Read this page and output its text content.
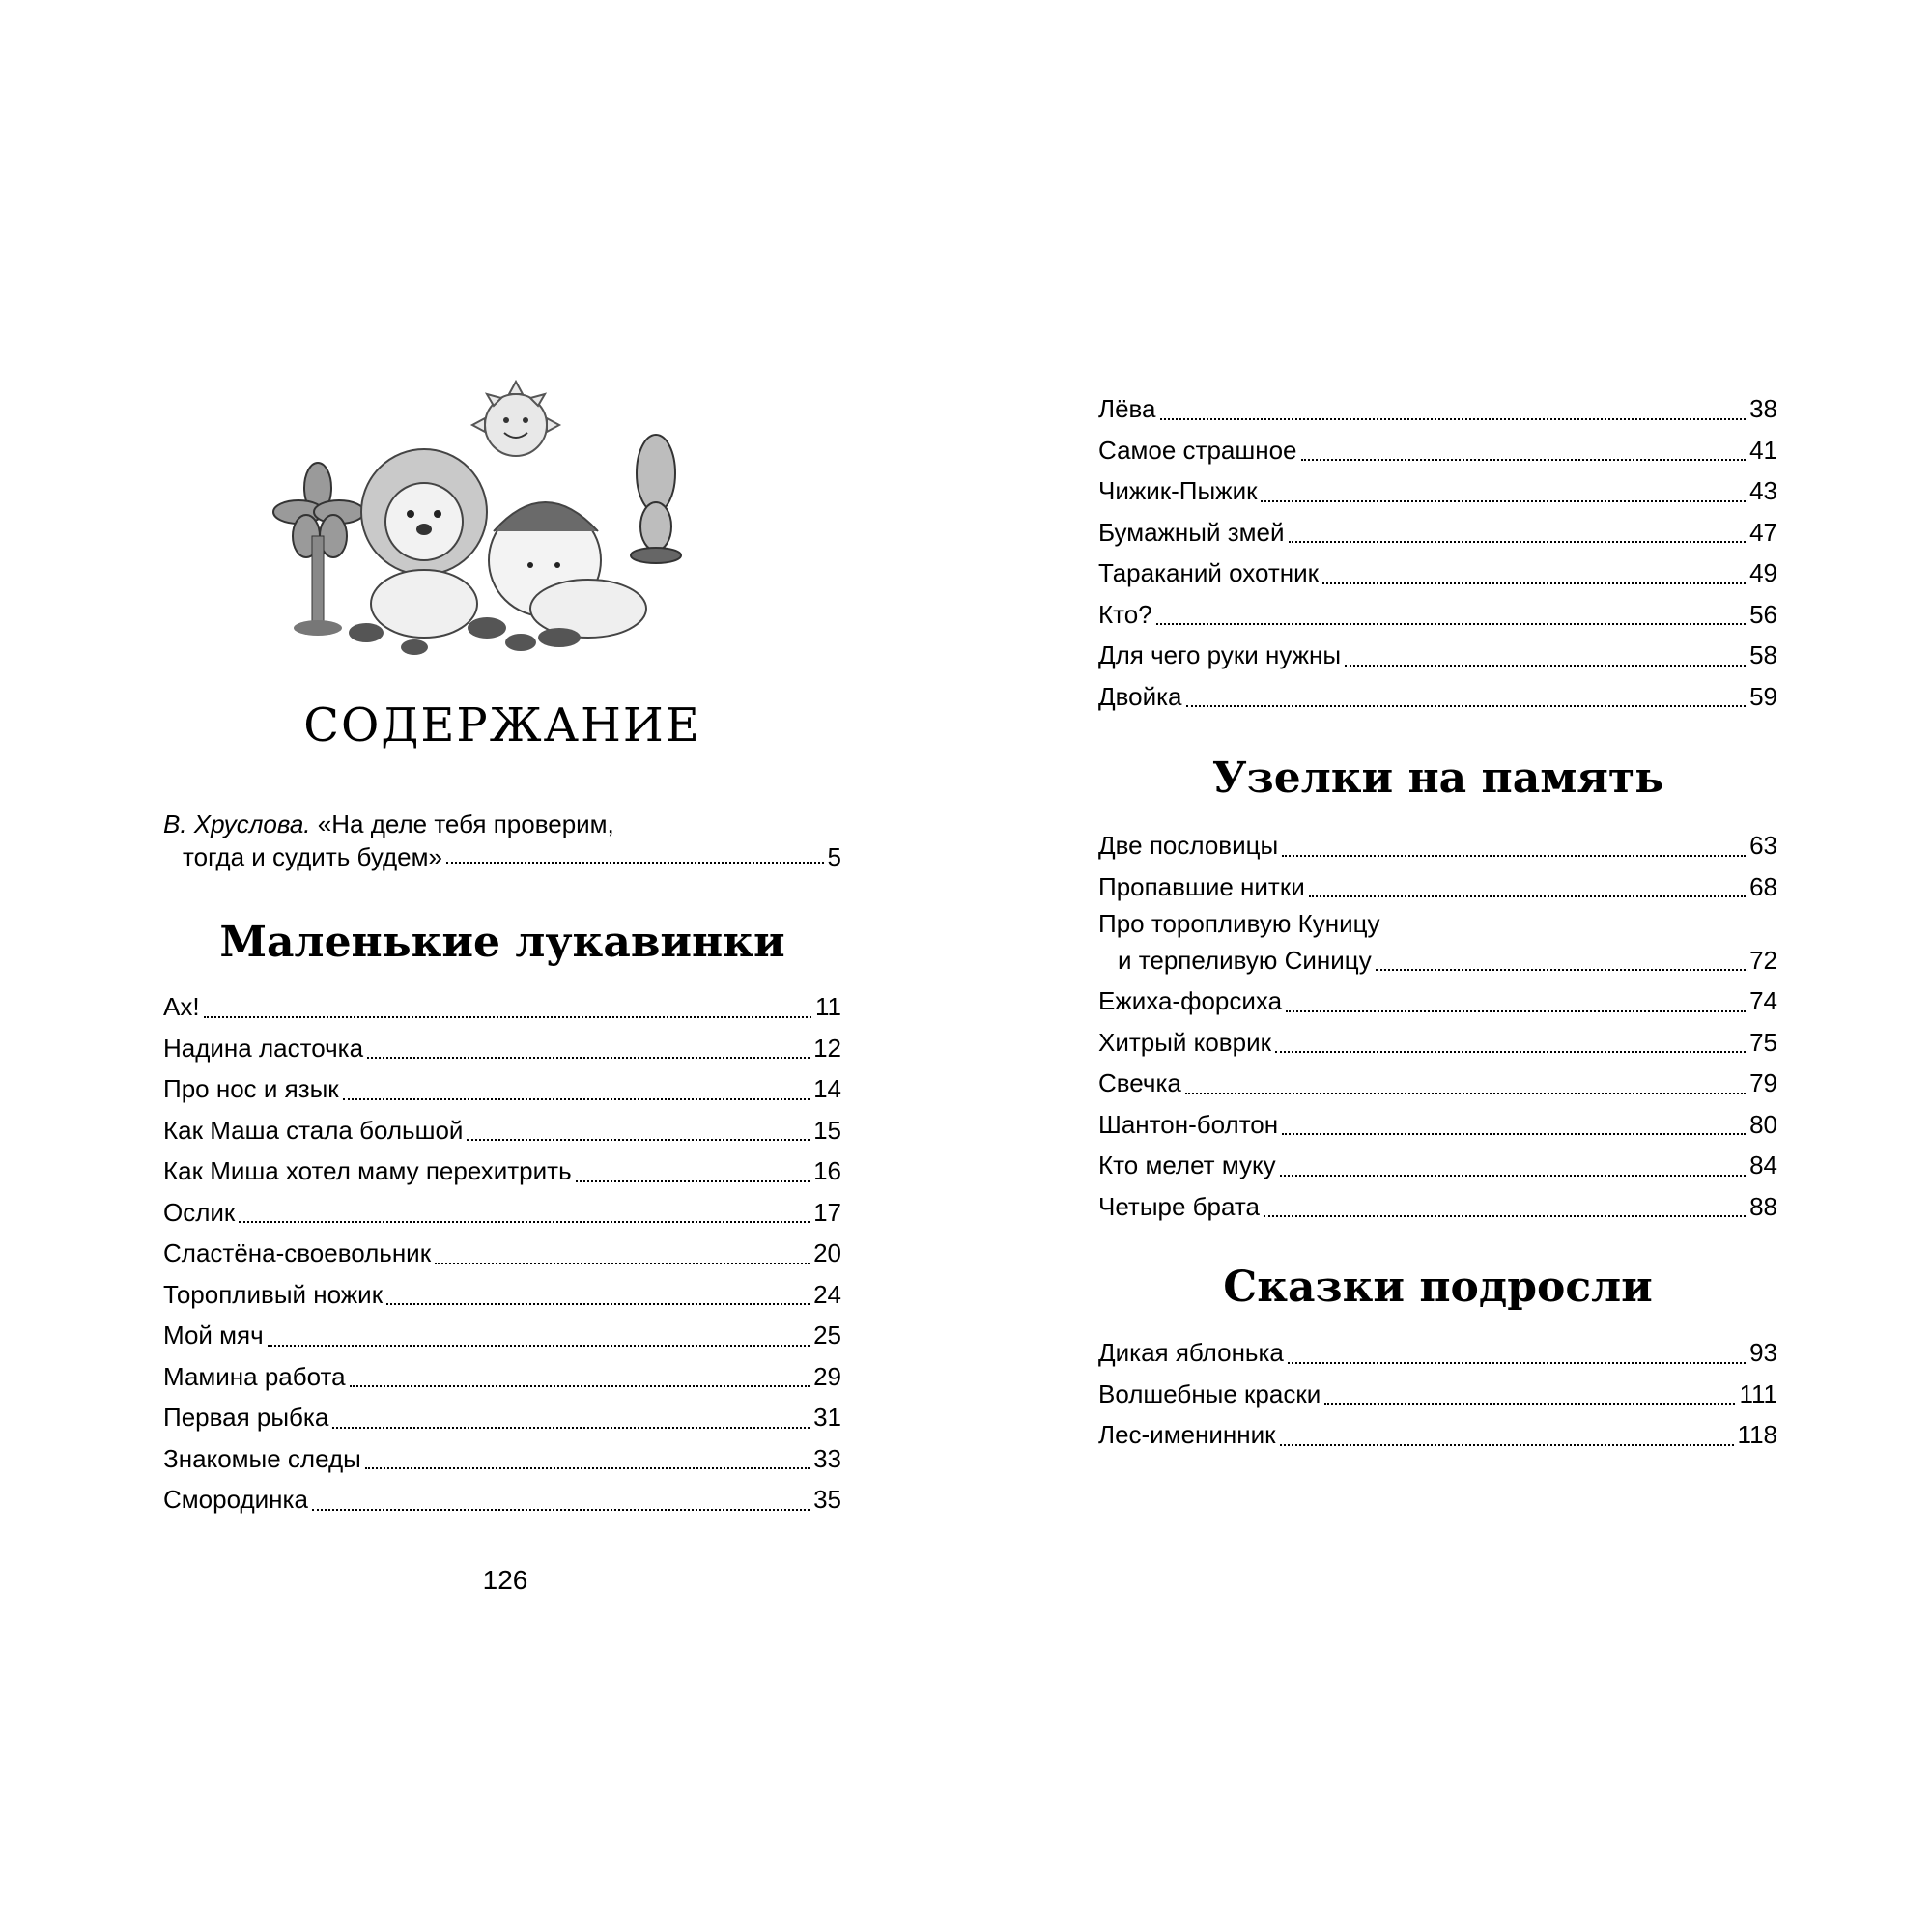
СОДЕРЖАНИЕ
В. Хруслова. «На деле тебя проверим,
тогда и судить будем»	5
Маленькие лукавинки
Ах!	11
Надина ласточка	12
Про нос и язык	14
Как Маша стала большой	15
Как Миша хотел маму перехитрить	16
Ослик	17
Сластёна-своевольник	20
Торопливый ножик	24
Мой мяч	25
Мамина работа	29
Первая рыбка	31
Знакомые следы	33
Смородинка	35
Лёва	38
Самое страшное	41
Чижик-Пыжик	43
Бумажный змей	47
Тараканий охотник	49
Кто?	56
Для чего руки нужны	58
Двойка	59
Узелки на память
Две пословицы	63
Пропавшие нитки	68
Про торопливую Куницу
и терпеливую Синицу	72
Ежиха-форсиха	74
Хитрый коврик	75
Свечка	79
Шантон-болтон	80
Кто мелет муку	84
Четыре брата	88
Сказки подросли
Дикая яблонька	93
Волшебные краски	111
Лес-именинник	118
126
